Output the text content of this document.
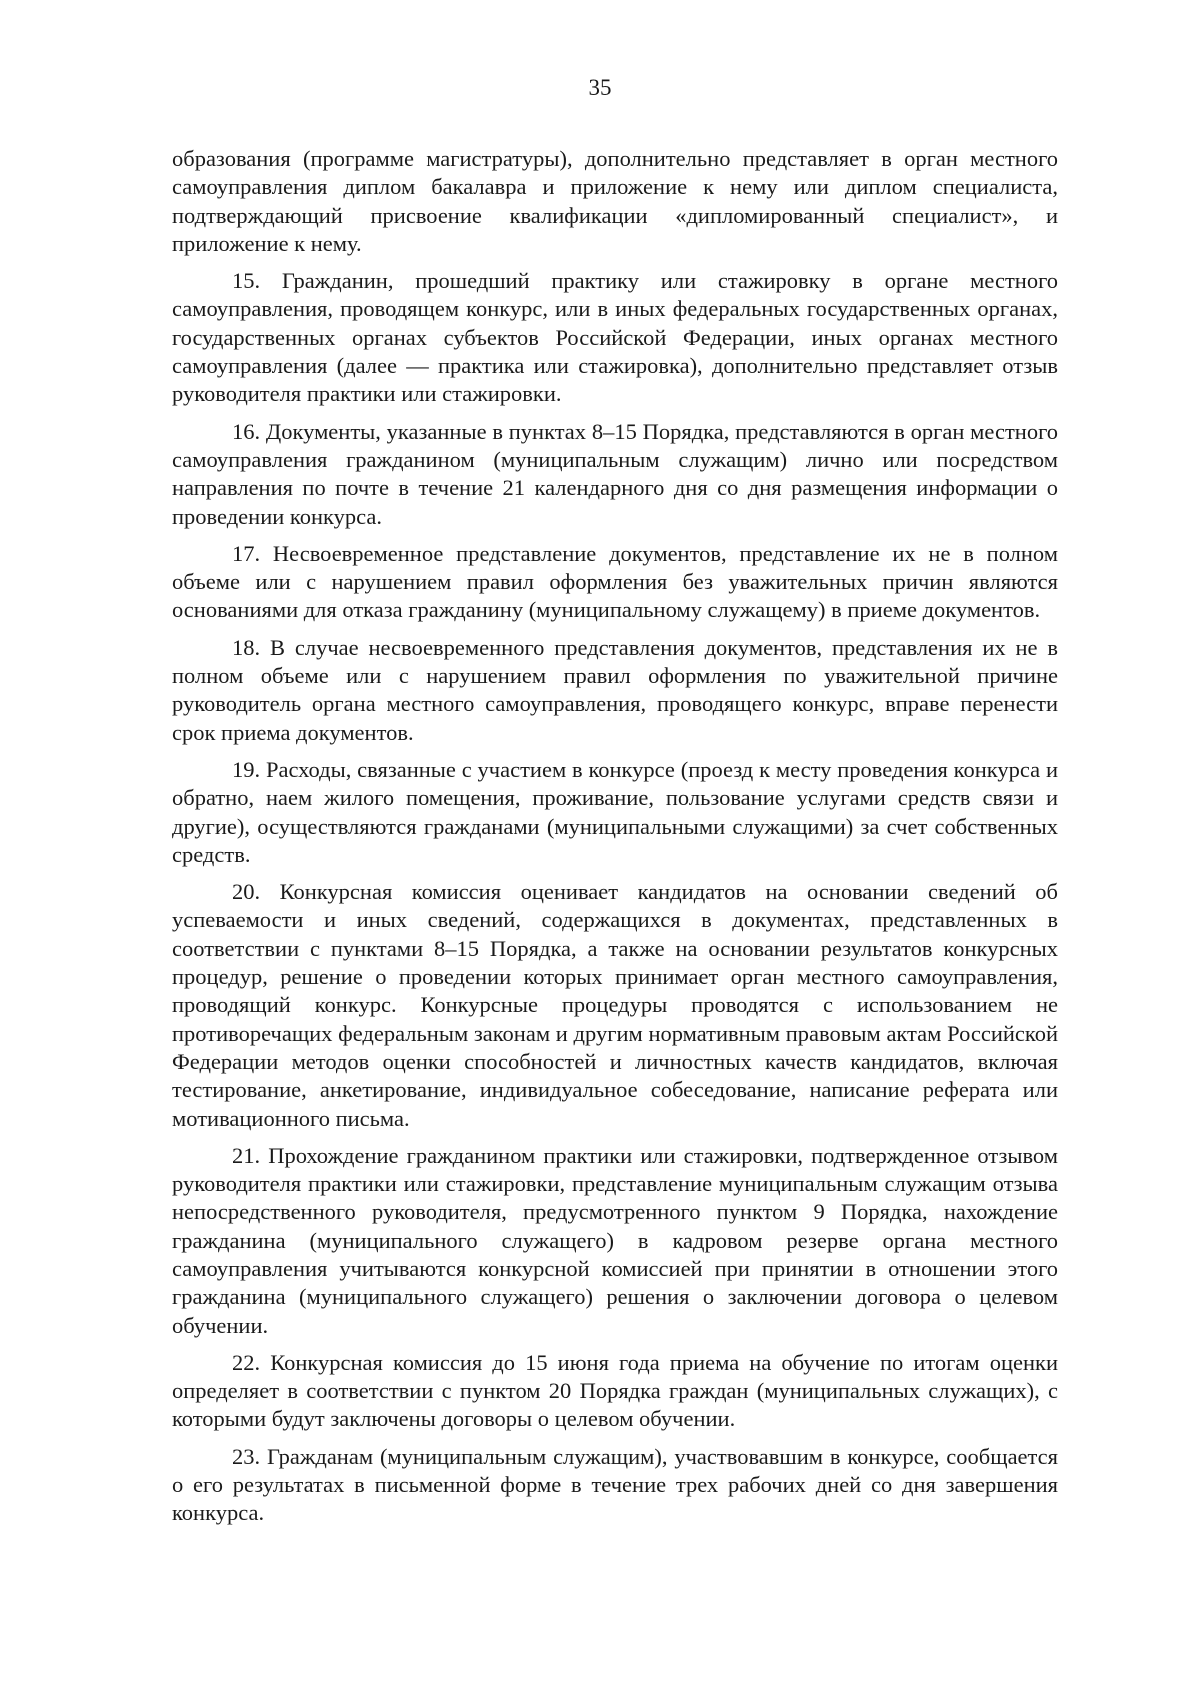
35

образования (программе магистратуры), дополнительно представляет в орган местного самоуправления диплом бакалавра и приложение к нему или диплом специалиста, подтверждающий присвоение квалификации «дипломированный специалист», и приложение к нему.

15. Гражданин, прошедший практику или стажировку в органе местного самоуправления, проводящем конкурс, или в иных федеральных государственных органах, государственных органах субъектов Российской Федерации, иных органах местного самоуправления (далее — практика или стажировка), дополнительно представляет отзыв руководителя практики или стажировки.

16. Документы, указанные в пунктах 8–15 Порядка, представляются в орган местного самоуправления гражданином (муниципальным служащим) лично или посредством направления по почте в течение 21 календарного дня со дня размещения информации о проведении конкурса.

17. Несвоевременное представление документов, представление их не в полном объеме или с нарушением правил оформления без уважительных причин являются основаниями для отказа гражданину (муниципальному служащему) в приеме документов.

18. В случае несвоевременного представления документов, представления их не в полном объеме или с нарушением правил оформления по уважительной причине руководитель органа местного самоуправления, проводящего конкурс, вправе перенести срок приема документов.

19. Расходы, связанные с участием в конкурсе (проезд к месту проведения конкурса и обратно, наем жилого помещения, проживание, пользование услугами средств связи и другие), осуществляются гражданами (муниципальными служащими) за счет собственных средств.

20. Конкурсная комиссия оценивает кандидатов на основании сведений об успеваемости и иных сведений, содержащихся в документах, представленных в соответствии с пунктами 8–15 Порядка, а также на основании результатов конкурсных процедур, решение о проведении которых принимает орган местного самоуправления, проводящий конкурс. Конкурсные процедуры проводятся с использованием не противоречащих федеральным законам и другим нормативным правовым актам Российской Федерации методов оценки способностей и личностных качеств кандидатов, включая тестирование, анкетирование, индивидуальное собеседование, написание реферата или мотивационного письма.

21. Прохождение гражданином практики или стажировки, подтвержденное отзывом руководителя практики или стажировки, представление муниципальным служащим отзыва непосредственного руководителя, предусмотренного пунктом 9 Порядка, нахождение гражданина (муниципального служащего) в кадровом резерве органа местного самоуправления учитываются конкурсной комиссией при принятии в отношении этого гражданина (муниципального служащего) решения о заключении договора о целевом обучении.

22. Конкурсная комиссия до 15 июня года приема на обучение по итогам оценки определяет в соответствии с пунктом 20 Порядка граждан (муниципальных служащих), с которыми будут заключены договоры о целевом обучении.

23. Гражданам (муниципальным служащим), участвовавшим в конкурсе, сообщается о его результатах в письменной форме в течение трех рабочих дней со дня завершения конкурса.
